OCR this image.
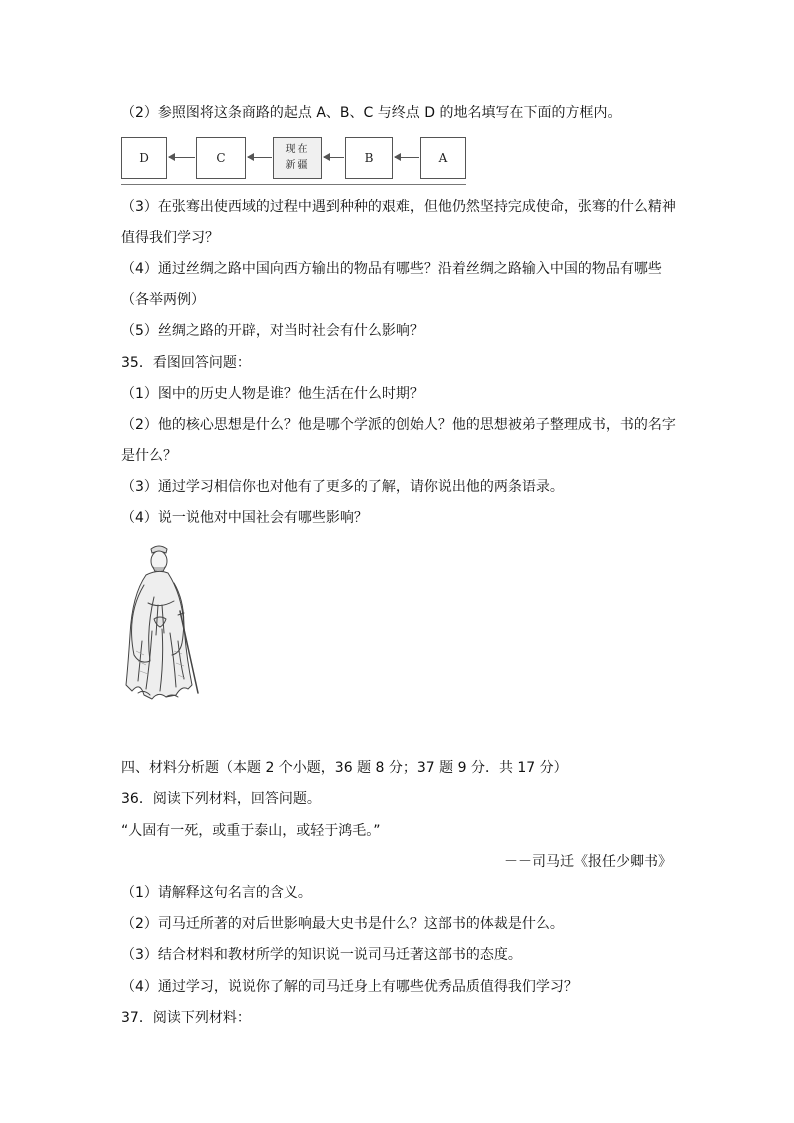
（2）参照图将这条商路的起点 A、B、C 与终点 D 的地名填写在下面的方框内。
D	C
现在
新疆
B	A
（3）在张骞出使西域的过程中遇到种种的艰难，但他仍然坚持完成使命，张骞的什么精神
值得我们学习？
（4）通过丝绸之路中国向西方输出的物品有哪些？沿着丝绸之路输入中国的物品有哪些
（各举两例）
（5）丝绸之路的开辟，对当时社会有什么影响？
35．看图回答问题：
（1）图中的历史人物是谁？他生活在什么时期？
（2）他的核心思想是什么？他是哪个学派的创始人？他的思想被弟子整理成书，书的名字
是什么？
（3）通过学习相信你也对他有了更多的了解，请你说出他的两条语录。
（4）说一说他对中国社会有哪些影响？
四、材料分析题（本题 2 个小题，36 题 8 分；37 题 9 分．共 17 分）
36．阅读下列材料，回答问题。
“人固有一死，或重于泰山，或轻于鸿毛。”
－－司马迁《报任少卿书》
（1）请解释这句名言的含义。
（2）司马迁所著的对后世影响最大史书是什么？这部书的体裁是什么。
（3）结合材料和教材所学的知识说一说司马迁著这部书的态度。
（4）通过学习，说说你了解的司马迁身上有哪些优秀品质值得我们学习？
37．阅读下列材料：
